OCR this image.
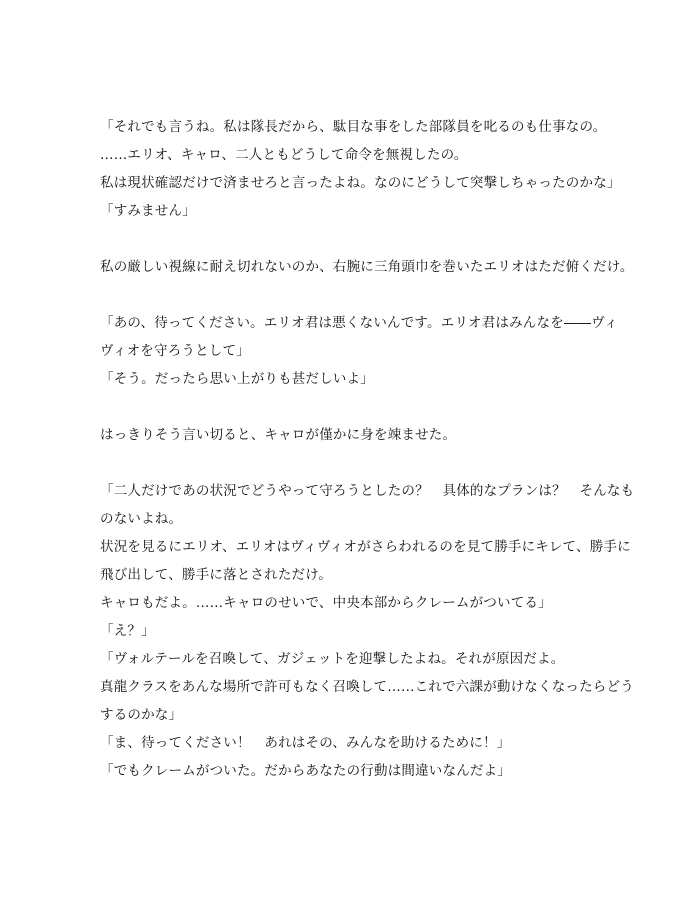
「それでも言うね。私は隊長だから、駄目な事をした部隊員を叱るのも仕事なの。
……エリオ、キャロ、二人ともどうして命令を無視したの。
私は現状確認だけで済ませろと言ったよね。なのにどうして突撃しちゃったのかな」
「すみません」
私の厳しい視線に耐え切れないのか、右腕に三角頭巾を巻いたエリオはただ俯くだけ。
「あの、待ってください。エリオ君は悪くないんです。エリオ君はみんなを――ヴィ
ヴィオを守ろうとして」
「そう。だったら思い上がりも甚だしいよ」
はっきりそう言い切ると、キャロが僅かに身を竦ませた。
「二人だけであの状況でどうやって守ろうとしたの？　具体的なプランは？　そんなも
のないよね。
状況を見るにエリオ、エリオはヴィヴィオがさらわれるのを見て勝手にキレて、勝手に
飛び出して、勝手に落とされただけ。
キャロもだよ。……キャロのせいで、中央本部からクレームがついてる」
「え？」
「ヴォルテールを召喚して、ガジェットを迎撃したよね。それが原因だよ。
真龍クラスをあんな場所で許可もなく召喚して……これで六課が動けなくなったらどう
するのかな」
「ま、待ってください！　あれはその、みんなを助けるために！」
「でもクレームがついた。だからあなたの行動は間違いなんだよ」
